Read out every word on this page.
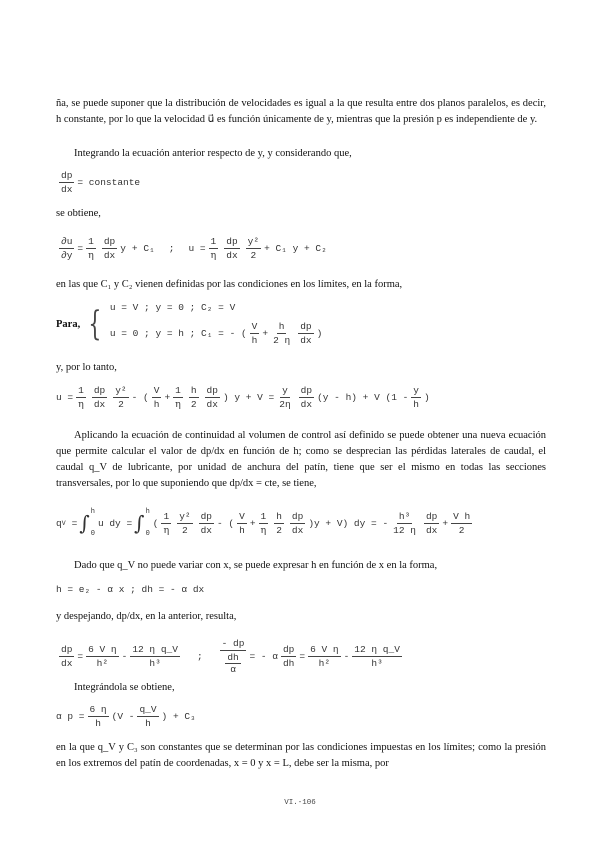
ña, se puede suponer que la distribución de velocidades es igual a la que resulta entre dos planos paralelos, es decir, h constante, por lo que la velocidad u⃗ es función únicamente de y, mientras que la presión p es independiente de y.

Integrando la ecuación anterior respecto de y, y considerando que,

$\frac{dp}{dx}$ = constante

se obtiene,

$\frac{\partial u}{\partial y} = \frac{1}{\eta} \frac{dp}{dx}$ y + C₁ ; $u = \frac{1}{\eta} \frac{dp}{dx} \frac{\text{y²}}{2} + C_1$ y + C₂

en las que C₁ y C₂ vienen definidas por las condiciones en los límites, en la forma,

Para, { u = V ; y = 0 ; C₂ = V
u = 0 ; y = h ; C₁ = - ( $\frac{V}{h} + \frac{h}{2 \eta} \frac{dp}{dx}$ )

y, por lo tanto,

$u = \frac{1}{\eta} \frac{dp}{dx} \frac{\text{y²}}{2}$ - ( $\frac{V}{h} + \frac{1}{\eta} \frac{h}{2} \frac{dp}{dx}$ ) $y + V = \frac{y}{2\eta} \frac{dp}{dx} (y - h) + V$ ($1 - \frac{y}{h}$ )

Aplicando la ecuación de continuidad al volumen de control así definido se puede obtener una nueva ecuación que permite calcular el valor de dp/dx en función de h; como se desprecian las pérdidas laterales de caudal, el caudal q_V de lubricante, por unidad de anchura del patín, tiene que ser el mismo en todas las secciones transversales, por lo que suponiendo que dp/dx = cte, se tiene,

q V = ∫ h
0
u dy = ∫ h
0
( $\frac{1}{\eta} \frac{\text{y²}}{2} \frac{dp}{dx}$ - ( $\frac{V}{h} + \frac{1}{\eta} \frac{h}{2} \frac{dp}{dx} )y + V$) dy = - $\frac{\text{h³}}{12 \eta} \frac{dp}{dx} + \frac{\text{V h}}{2}$

Dado que q_V no puede variar con x, se puede expresar h en función de x en la forma,

h = e₂ - α x ; dh = - α dx

y despejando, dp/dx, en la anterior, resulta,

$\frac{dp}{dx} = \frac{\text{6 V η}}{\text{h²}} - \frac{\text{12 η q\_V}}{\text{h³}}$ ; - dp
dh
α = - α $\frac{dp}{dh} = \frac{\text{6 V η}}{\text{h²}} - \frac{\text{12 η q\_V}}{\text{h³}}$

Integrándola se obtiene,

α $p = \frac{6 \eta}{h} (V - \frac{q\_V}{h}$ ) + C₃

en la que q_V y C₃ son constantes que se determinan por las condiciones impuestas en los límites; como la presión en los extremos del patín de coordenadas, x = 0 y x = L, debe ser la misma, por

VI.-106
